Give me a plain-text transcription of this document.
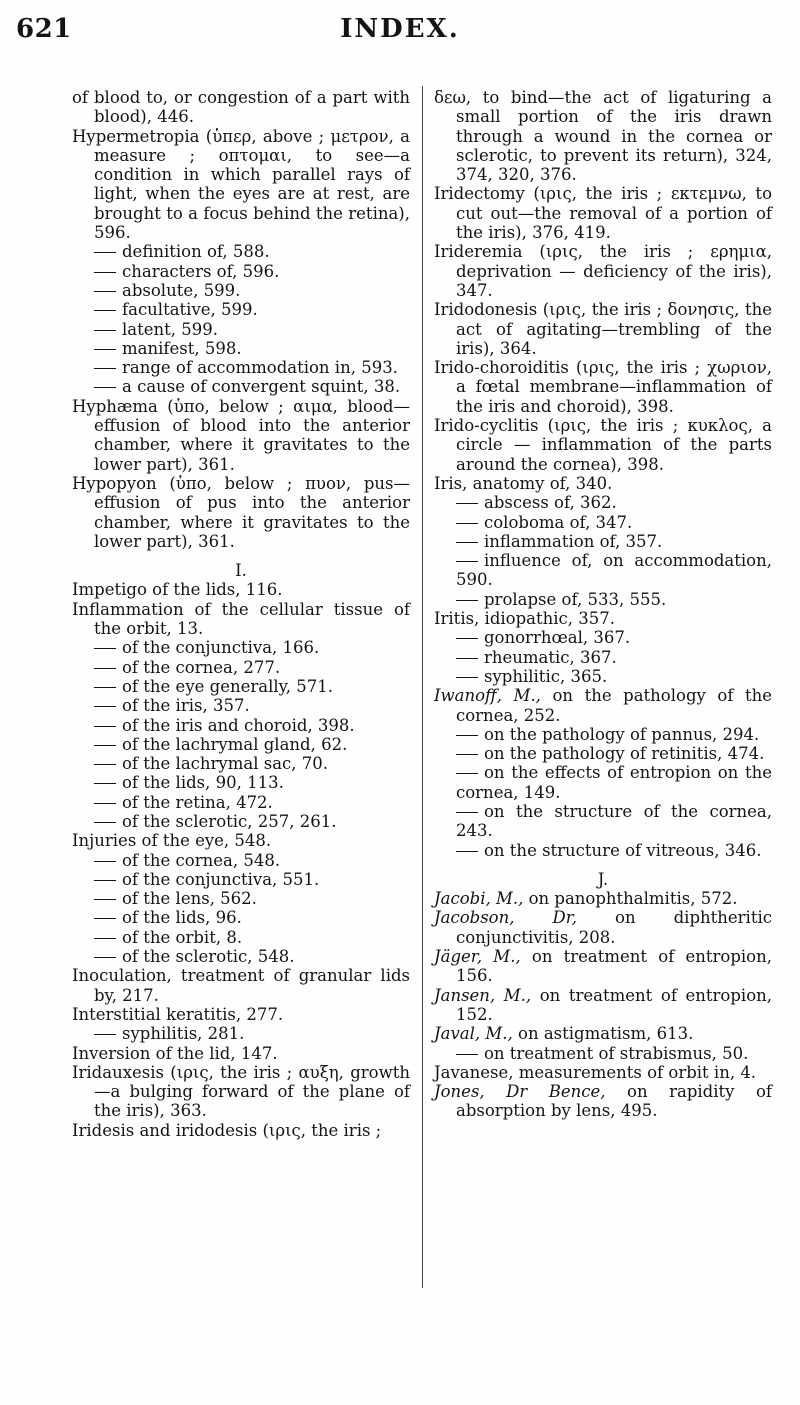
621	INDEX.
of blood to, or congestion of a part with blood), 446.
Hypermetropia (ὑπερ, above ; μετρον, a measure ; οπτομαι, to see—a condition in which parallel rays of light, when the eyes are at rest, are brought to a focus behind the retina), 596.
definition of, 588.
characters of, 596.
absolute, 599.
facultative, 599.
latent, 599.
manifest, 598.
range of accommodation in, 593.
a cause of convergent squint, 38.
Hyphæma (ὑπο, below ; αιμα, blood—effusion of blood into the anterior chamber, where it gravitates to the lower part), 361.
Hypopyon (ὑπο, below ; πυον, pus—effusion of pus into the anterior chamber, where it gravitates to the lower part), 361.
I.
Impetigo of the lids, 116.
Inflammation of the cellular tissue of the orbit, 13.
of the conjunctiva, 166.
of the cornea, 277.
of the eye generally, 571.
of the iris, 357.
of the iris and choroid, 398.
of the lachrymal gland, 62.
of the lachrymal sac, 70.
of the lids, 90, 113.
of the retina, 472.
of the sclerotic, 257, 261.
Injuries of the eye, 548.
of the cornea, 548.
of the conjunctiva, 551.
of the lens, 562.
of the lids, 96.
of the orbit, 8.
of the sclerotic, 548.
Inoculation, treatment of granular lids by, 217.
Interstitial keratitis, 277.
syphilitis, 281.
Inversion of the lid, 147.
Iridauxesis (ιρις, the iris ; αυξη, growth—a bulging forward of the plane of the iris), 363.
Iridesis and iridodesis (ιρις, the iris ;
δεω, to bind—the act of ligaturing a small portion of the iris drawn through a wound in the cornea or sclerotic, to prevent its return), 324, 374, 320, 376.
Iridectomy (ιρις, the iris ; εκτεμνω, to cut out—the removal of a portion of the iris), 376, 419.
Irideremia (ιρις, the iris ; ερημια, deprivation — deficiency of the iris), 347.
Iridodonesis (ιρις, the iris ; δονησις, the act of agitating—trembling of the iris), 364.
Irido-choroiditis (ιρις, the iris ; χωριον, a fœtal membrane—inflammation of the iris and choroid), 398.
Irido-cyclitis (ιρις, the iris ; κυκλος, a circle — inflammation of the parts around the cornea), 398.
Iris, anatomy of, 340.
abscess of, 362.
coloboma of, 347.
inflammation of, 357.
influence of, on accommodation, 590.
prolapse of, 533, 555.
Iritis, idiopathic, 357.
gonorrhœal, 367.
rheumatic, 367.
syphilitic, 365.
Iwanoff, M., on the pathology of the cornea, 252.
on the pathology of pannus, 294.
on the pathology of retinitis, 474.
on the effects of entropion on the cornea, 149.
on the structure of the cornea, 243.
on the structure of vitreous, 346.
J.
Jacobi, M., on panophthalmitis, 572.
Jacobson, Dr, on diphtheritic conjunctivitis, 208.
Jäger, M., on treatment of entropion, 156.
Jansen, M., on treatment of entropion, 152.
Javal, M., on astigmatism, 613.
on treatment of strabismus, 50.
Javanese, measurements of orbit in, 4.
Jones, Dr Bence, on rapidity of absorption by lens, 495.
